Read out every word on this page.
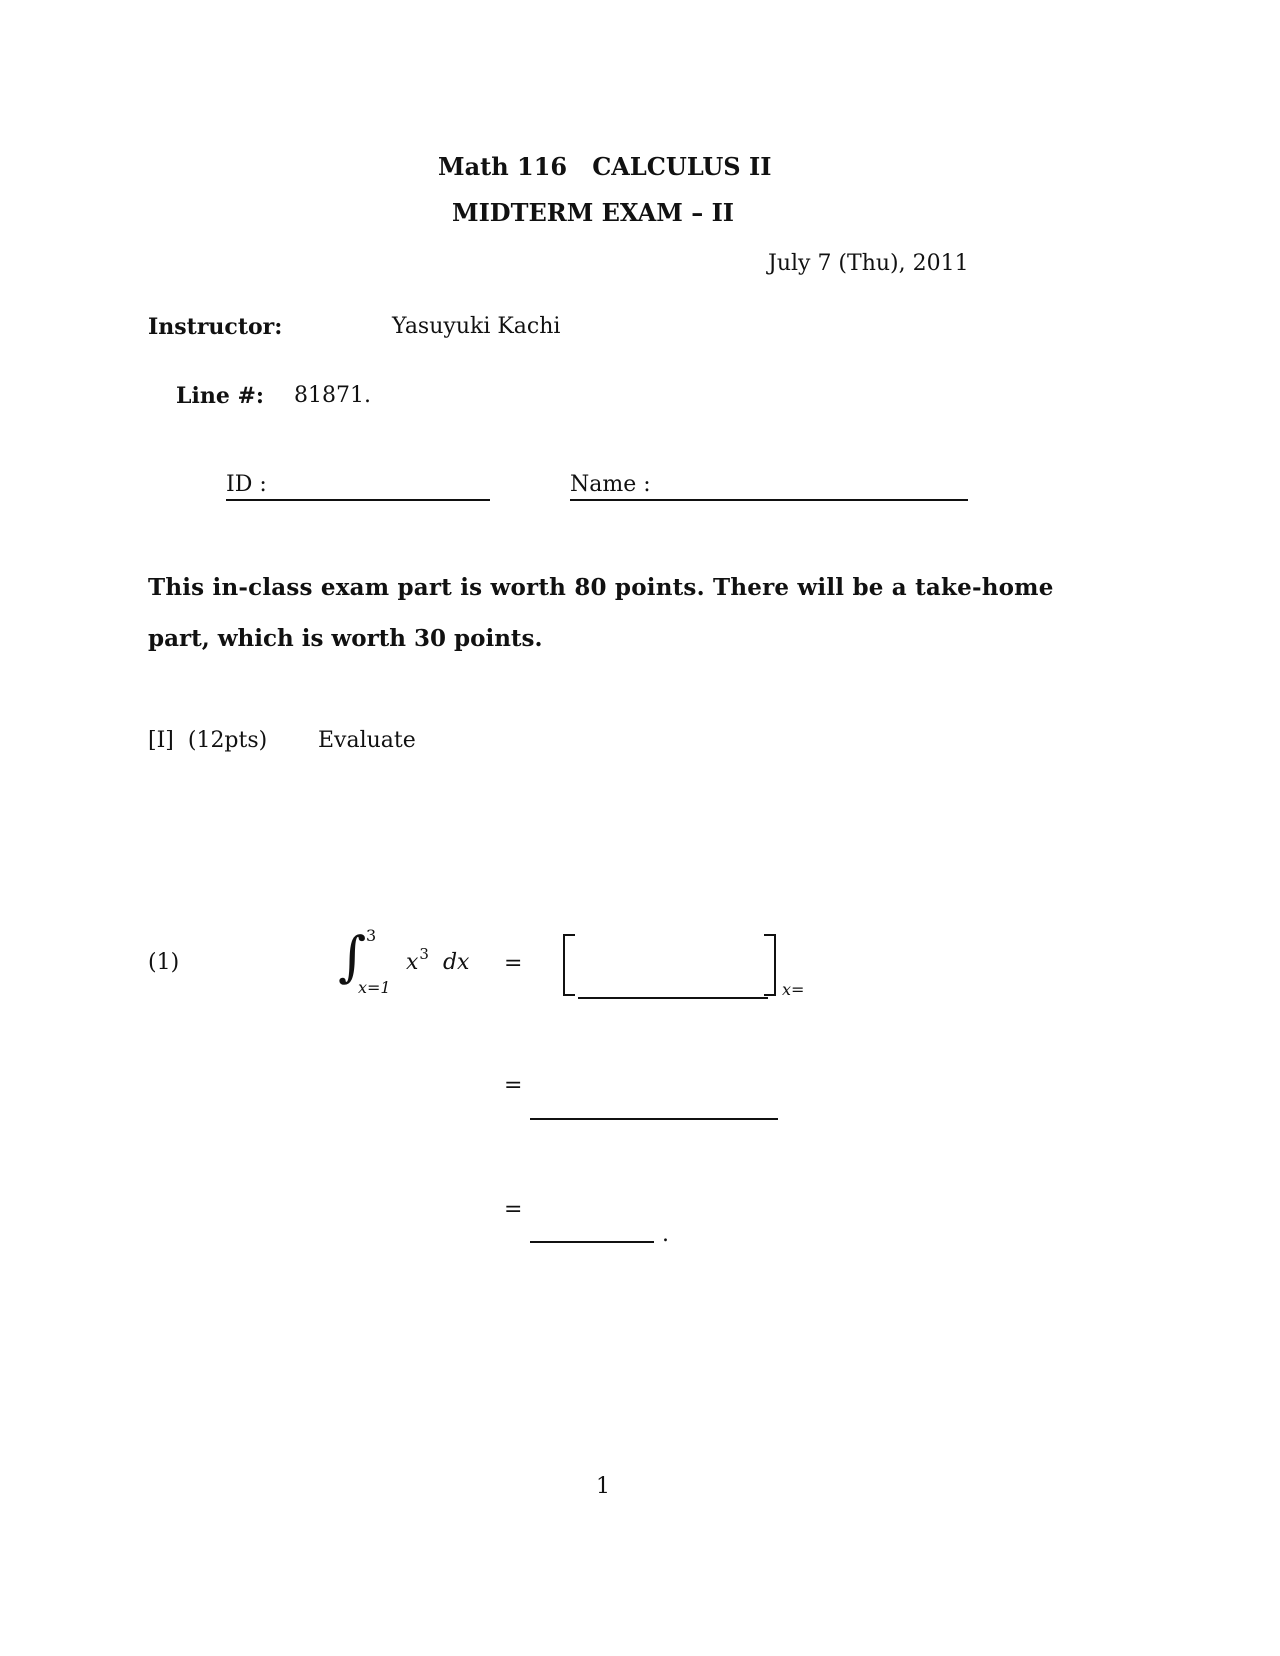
Math 116 CALCULUS II
MIDTERM EXAM – II
July 7 (Thu), 2011
Instructor:	Yasuyuki Kachi
Line #: 81871.
ID :	Name :
This in-class exam part is worth 80 points. There will be a take-home
part, which is worth 30 points.
[I] (12pts) Evaluate
(1)	∫ 3
x=1
$x^3$ dx =
x=
=
=
.
1
